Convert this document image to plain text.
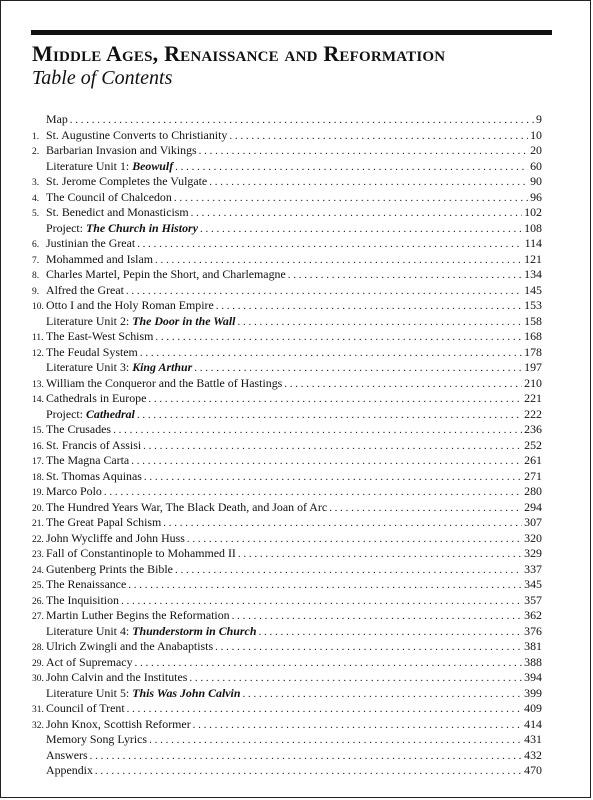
Middle Ages, Renaissance and Reformation
Table of Contents
Map . . .	9
1. St. Augustine Converts to Christianity . . .	10
2. Barbarian Invasion and Vikings . . .	20
Literature Unit 1: Beowulf . . .	60
3. St. Jerome Completes the Vulgate . . .	90
4. The Council of Chalcedon . . .	96
5. St. Benedict and Monasticism . . .	102
Project: The Church in History . . .	108
6. Justinian the Great . . .	114
7. Mohammed and Islam . . .	121
8. Charles Martel, Pepin the Short, and Charlemagne . . .	134
9. Alfred the Great . . .	145
10. Otto I and the Holy Roman Empire . . .	153
Literature Unit 2: The Door in the Wall . . .	158
11. The East-West Schism . . .	168
12. The Feudal System . . .	178
Literature Unit 3: King Arthur . . .	197
13. William the Conqueror and the Battle of Hastings . . .	210
14. Cathedrals in Europe . . .	221
Project: Cathedral . . .	222
15. The Crusades . . .	236
16. St. Francis of Assisi . . .	252
17. The Magna Carta . . .	261
18. St. Thomas Aquinas . . .	271
19. Marco Polo . . .	280
20. The Hundred Years War, The Black Death, and Joan of Arc . . .	294
21. The Great Papal Schism . . .	307
22. John Wycliffe and John Huss . . .	320
23. Fall of Constantinople to Mohammed II . . .	329
24. Gutenberg Prints the Bible . . .	337
25. The Renaissance . . .	345
26. The Inquisition . . .	357
27. Martin Luther Begins the Reformation . . .	362
Literature Unit 4: Thunderstorm in Church . . .	376
28. Ulrich Zwingli and the Anabaptists . . .	381
29. Act of Supremacy . . .	388
30. John Calvin and the Institutes . . .	394
Literature Unit 5: This Was John Calvin . . .	399
31. Council of Trent . . .	409
32. John Knox, Scottish Reformer . . .	414
Memory Song Lyrics . . .	431
Answers . . .	432
Appendix . . .	470
